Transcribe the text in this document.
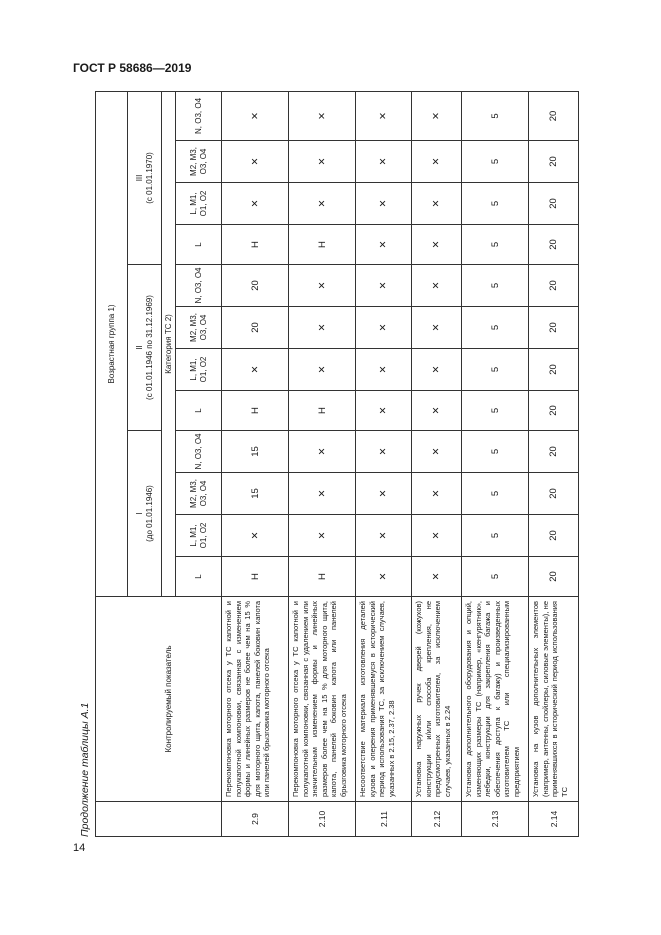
ГОСТ Р 58686—2019
14
Продолжение таблицы А.1
		Возрастная группа 1)											
		I
(до 01.01.1946)				II
(с 01.01.1946 по 31.12.1969)				III
(с 01.01.1970)			
	Контролируемый показатель	Категория ТС 2)											
		L	L, M1, O1, O2	M2, M3, O3, O4	N, O3, O4	L	L, M1, O1, O2	M2, M3, O3, O4	N, O3, O4	L	L, M1, O1, O2	M2, M3, O3, O4	N, O3, O4
2.9	Перекомпоновка моторного отсека у ТС капотной и полукапотной компоновки, связанная с изменением формы и линейных размеров не более чем на 15 % для моторного щита, капота, панелей боковин капота или панелей брызговика моторного отсека	Н	✕	15	15	Н	✕	20	20	Н	✕	✕	✕
2.10	Перекомпоновка моторного отсека у ТС капотной и полукапотной компоновки, связанная с удалением или значительным изменением формы и линейных размеров более чем на 15 % для моторного щита, капота, панелей боковин капота или панелей брызговика моторного отсека	Н	✕	✕	✕	Н	✕	✕	✕	Н	✕	✕	✕
2.11	Несоответствие материала изготовления деталей кузова и оперения применявшемуся в исторический период использования ТС, за исключением случаев, указанных в 2.15, 2.37, 2.38	✕	✕	✕	✕	✕	✕	✕	✕	✕	✕	✕	✕
2.12	Установка наружных ручек дверей (кожухов) конструкции и/или способа крепления, не предусмотренных изготовителем, за исключением случаев, указанных в 2.24	✕	✕	✕	✕	✕	✕	✕	✕	✕	✕	✕	✕
2.13	Установка дополнительного оборудования и опций, изменяющих размеры ТС (например, «кенгурятник», лебедки, конструкции для закрепления багажа и обеспечения доступа к багажу) и произведенных изготовителем ТС или специализированным предприятием	5	5	5	5	5	5	5	5	5	5	5	5
2.14	Установка на кузов дополнительных элементов (например, антенны, спойлеры, силовые элементы), не применявшихся в исторический период использования ТС	20	20	20	20	20	20	20	20	20	20	20	20
